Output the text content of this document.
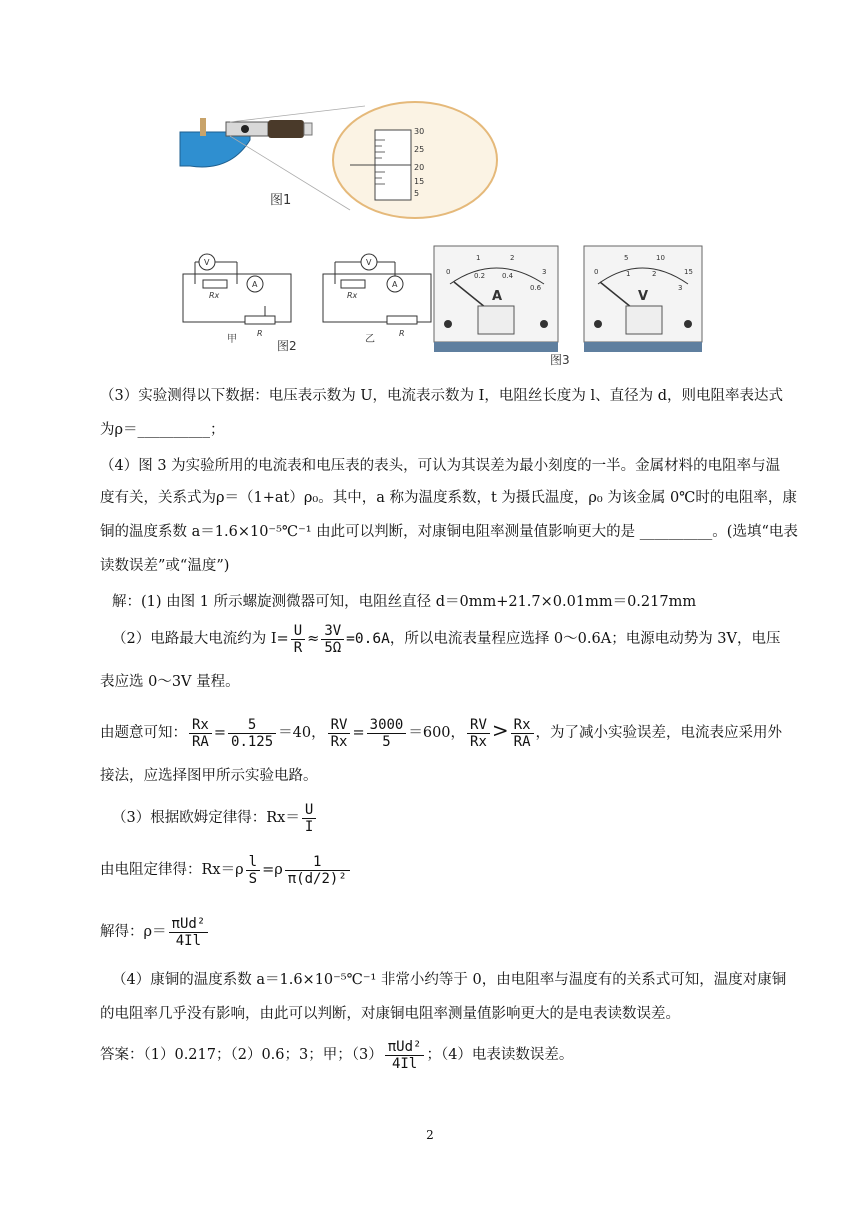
图1
30
25
20
15
5
V
A
Rx
R
甲
V
A
Rx
R
乙
图2
0
1	2
3
0.2 0.4
0.6
A
0
5	10
15
1	2
3
V
图3
（3）实验测得以下数据：电压表示数为 U，电流表示数为 I，电阻丝长度为 l、直径为 d，则电阻率表达式
为ρ＝__________；
（4）图 3 为实验所用的电流表和电压表的表头，可认为其误差为最小刻度的一半。金属材料的电阻率与温
度有关，关系式为ρ＝（1+at）ρ₀。其中，a 称为温度系数，t 为摄氏温度，ρ₀ 为该金属 0℃时的电阻率，康
铜的温度系数 a＝1.6×10⁻⁵℃⁻¹ 由此可以判断，对康铜电阻率测量值影响更大的是 __________。(选填“电表
读数误差”或“温度”)
解：(1) 由图 1 所示螺旋测微器可知，电阻丝直径 d＝0mm+21.7×0.01mm＝0.217mm
（2）电路最大电流约为 $I= \frac{U}{R} \approx \frac{3V}{5\Omega} =0.6A$，所以电流表量程应选择 0～0.6A；电源电动势为 3V，电压
表应选 0～3V 量程。
由题意可知： $\frac{Rx}{RA} = \frac{5}{0.125} =40$， $\frac{RV}{Rx} = \frac{3000}{5} =600$， $\frac{RV}{Rx} > \frac{Rx}{RA}$ ，为了减小实验误差，电流表应采用外
接法，应选择图甲所示实验电路。
（3）根据欧姆定律得：$Rx= \frac{U}{I}$
由电阻定律得：$Rx=\rho \frac{l}{S} =\rho \frac{1}{\text{π(d/2)²}}$
解得：$\rho= \frac{\text{πUd²}}{4Il}$
（4）康铜的温度系数 a＝1.6×10⁻⁵℃⁻¹ 非常小约等于 0，由电阻率与温度有的关系式可知，温度对康铜
的电阻率几乎没有影响，由此可以判断，对康铜电阻率测量值影响更大的是电表读数误差。
答案：（1）0.217；（2）0.6；3；甲；$(3) \frac{\text{πUd²}}{4Il}$ ；（4）电表读数误差。
2
